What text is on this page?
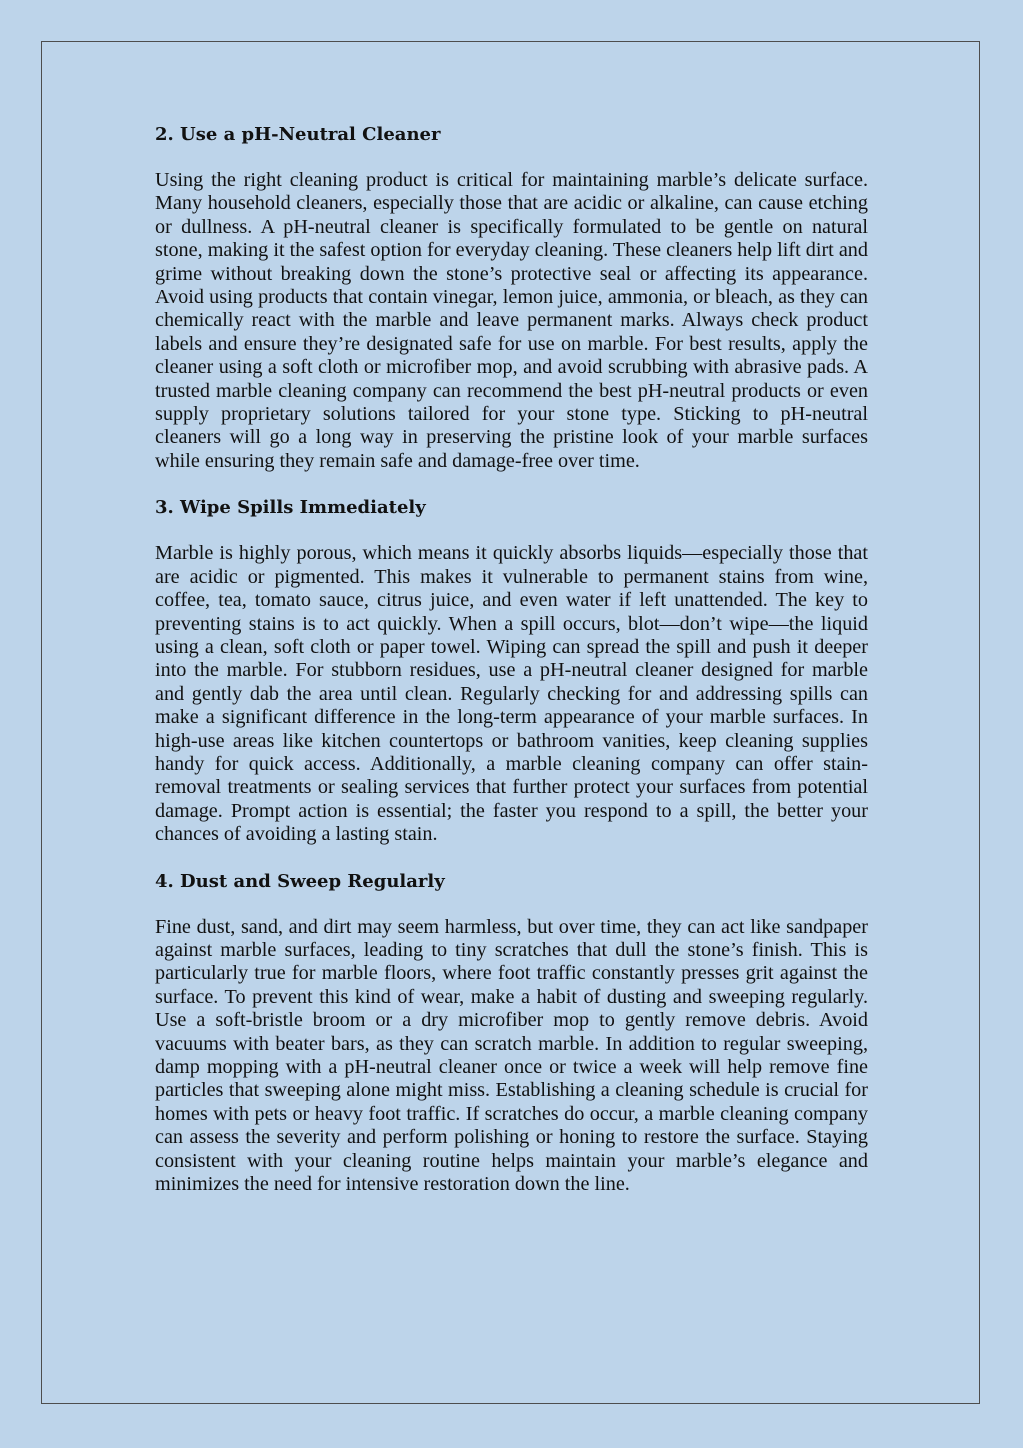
2. Use a pH-Neutral Cleaner

Using the right cleaning product is critical for maintaining marble’s delicate surface. Many household cleaners, especially those that are acidic or alkaline, can cause etching or dullness. A pH-neutral cleaner is specifically formulated to be gentle on natural stone, making it the safest option for everyday cleaning. These cleaners help lift dirt and grime without breaking down the stone’s protective seal or affecting its appearance. Avoid using products that contain vinegar, lemon juice, ammonia, or bleach, as they can chemically react with the marble and leave permanent marks. Always check product labels and ensure they’re designated safe for use on marble. For best results, apply the cleaner using a soft cloth or microfiber mop, and avoid scrubbing with abrasive pads. A trusted marble cleaning company can recommend the best pH-neutral products or even supply proprietary solutions tailored for your stone type. Sticking to pH-neutral cleaners will go a long way in preserving the pristine look of your marble surfaces while ensuring they remain safe and damage-free over time.

3. Wipe Spills Immediately

Marble is highly porous, which means it quickly absorbs liquids—especially those that are acidic or pigmented. This makes it vulnerable to permanent stains from wine, coffee, tea, tomato sauce, citrus juice, and even water if left unattended. The key to preventing stains is to act quickly. When a spill occurs, blot—don’t wipe—the liquid using a clean, soft cloth or paper towel. Wiping can spread the spill and push it deeper into the marble. For stubborn residues, use a pH-neutral cleaner designed for marble and gently dab the area until clean. Regularly checking for and addressing spills can make a significant difference in the long-term appearance of your marble surfaces. In high-use areas like kitchen countertops or bathroom vanities, keep cleaning supplies handy for quick access. Additionally, a marble cleaning company can offer stain-removal treatments or sealing services that further protect your surfaces from potential damage. Prompt action is essential; the faster you respond to a spill, the better your chances of avoiding a lasting stain.

4. Dust and Sweep Regularly

Fine dust, sand, and dirt may seem harmless, but over time, they can act like sandpaper against marble surfaces, leading to tiny scratches that dull the stone’s finish. This is particularly true for marble floors, where foot traffic constantly presses grit against the surface. To prevent this kind of wear, make a habit of dusting and sweeping regularly. Use a soft-bristle broom or a dry microfiber mop to gently remove debris. Avoid vacuums with beater bars, as they can scratch marble. In addition to regular sweeping, damp mopping with a pH-neutral cleaner once or twice a week will help remove fine particles that sweeping alone might miss. Establishing a cleaning schedule is crucial for homes with pets or heavy foot traffic. If scratches do occur, a marble cleaning company can assess the severity and perform polishing or honing to restore the surface. Staying consistent with your cleaning routine helps maintain your marble’s elegance and minimizes the need for intensive restoration down the line.
